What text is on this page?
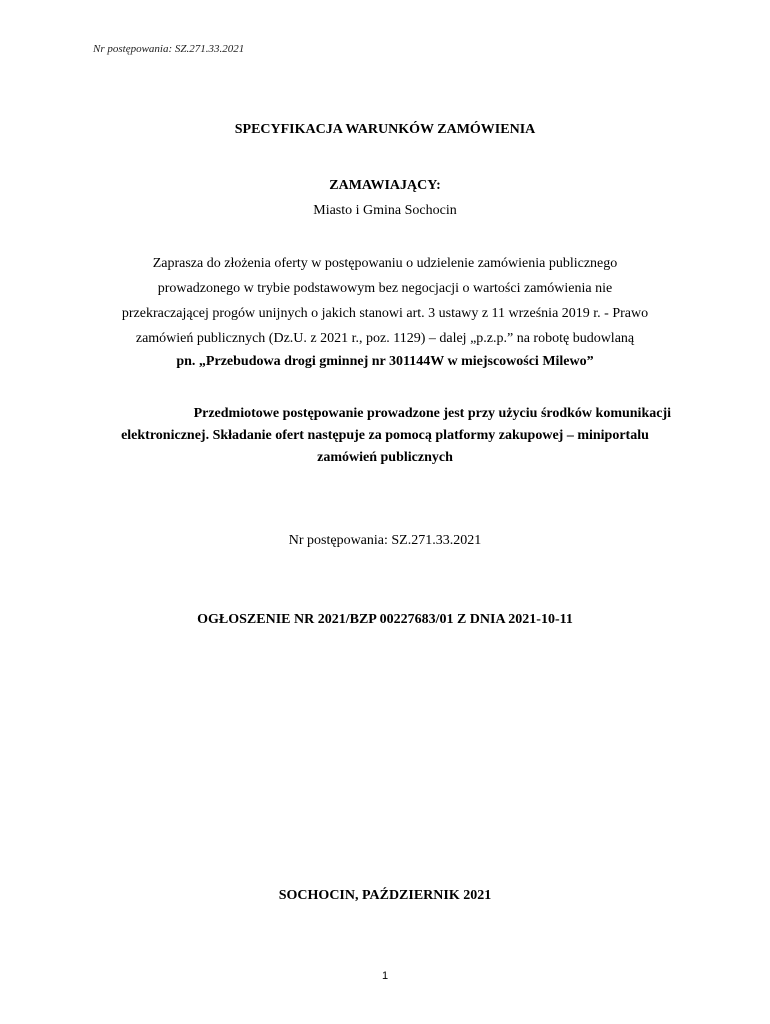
Nr postępowania: SZ.271.33.2021
SPECYFIKACJA WARUNKÓW ZAMÓWIENIA
ZAMAWIAJĄCY:
Miasto i Gmina Sochocin
Zaprasza do złożenia oferty w postępowaniu o udzielenie zamówienia publicznego
prowadzonego w trybie podstawowym bez negocjacji o wartości zamówienia nie
przekraczającej progów unijnych o jakich stanowi art. 3 ustawy z 11 września 2019 r. - Prawo
zamówień publicznych (Dz.U. z 2021 r., poz. 1129) – dalej „p.z.p.” na robotę budowlaną
pn. „Przebudowa drogi gminnej nr 301144W w miejscowości Milewo”
Przedmiotowe postępowanie prowadzone jest przy użyciu środków komunikacji
elektronicznej. Składanie ofert następuje za pomocą platformy zakupowej – miniportalu
zamówień publicznych
Nr postępowania: SZ.271.33.2021
OGŁOSZENIE NR 2021/BZP 00227683/01 Z DNIA 2021-10-11
SOCHOCIN, PAŹDZIERNIK 2021
1
